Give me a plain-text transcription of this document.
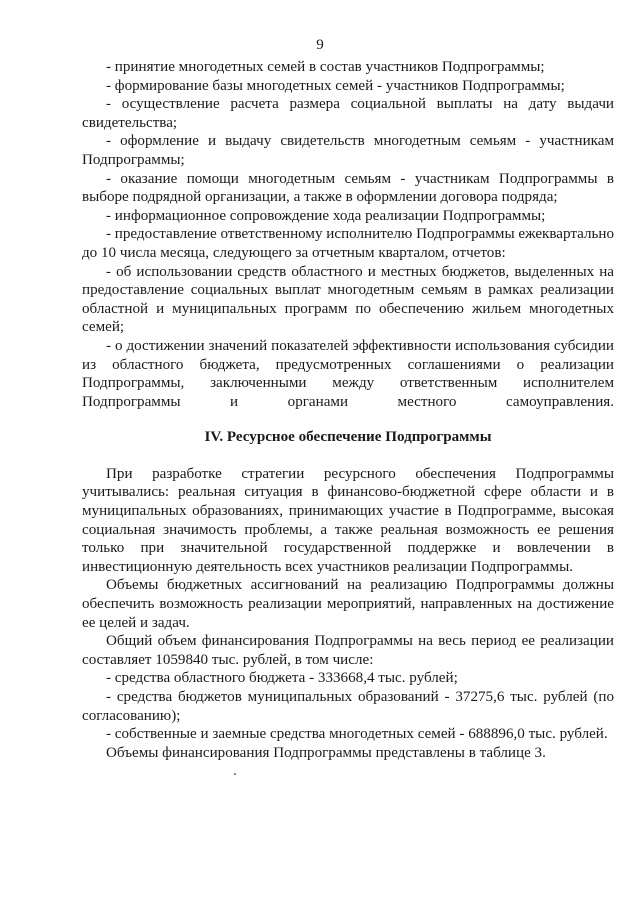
9

- принятие многодетных семей в состав участников Подпрограммы;

- формирование базы многодетных семей - участников Подпрограммы;

- осуществление расчета размера социальной выплаты на дату выдачи свидетельства;

- оформление и выдачу свидетельств многодетным семьям - участникам Подпрограммы;

- оказание помощи многодетным семьям - участникам Подпрограммы в выборе подрядной организации, а также в оформлении договора подряда;

- информационное сопровождение хода реализации Подпрограммы;

- предоставление ответственному исполнителю Подпрограммы ежеквартально до 10 числа месяца, следующего за отчетным кварталом, отчетов:

- об использовании средств областного и местных бюджетов, выделенных на предоставление социальных выплат многодетным семьям в рамках реализации областной и муниципальных программ по обеспечению жильем многодетных семей;

- о достижении значений показателей эффективности использования субсидии из областного бюджета, предусмотренных соглашениями о реализации Подпрограммы, заключенными между ответственным исполнителем Подпрограммы и органами местного самоуправления.

IV. Ресурсное обеспечение Подпрограммы

При разработке стратегии ресурсного обеспечения Подпрограммы учитывались: реальная ситуация в финансово-бюджетной сфере области и в муниципальных образованиях, принимающих участие в Подпрограмме, высокая социальная значимость проблемы, а также реальная возможность ее решения только при значительной государственной поддержке и вовлечении в инвестиционную деятельность всех участников реализации Подпрограммы.

Объемы бюджетных ассигнований на реализацию Подпрограммы должны обеспечить возможность реализации мероприятий, направленных на достижение ее целей и задач.

Общий объем финансирования Подпрограммы на весь период ее реализации составляет 1059840 тыс. рублей, в том числе:

- средства областного бюджета - 333668,4 тыс. рублей;

- средства бюджетов муниципальных образований - 37275,6 тыс. рублей (по согласованию);

- собственные и заемные средства многодетных семей - 688896,0 тыс. рублей.

Объемы финансирования Подпрограммы представлены в таблице 3.
